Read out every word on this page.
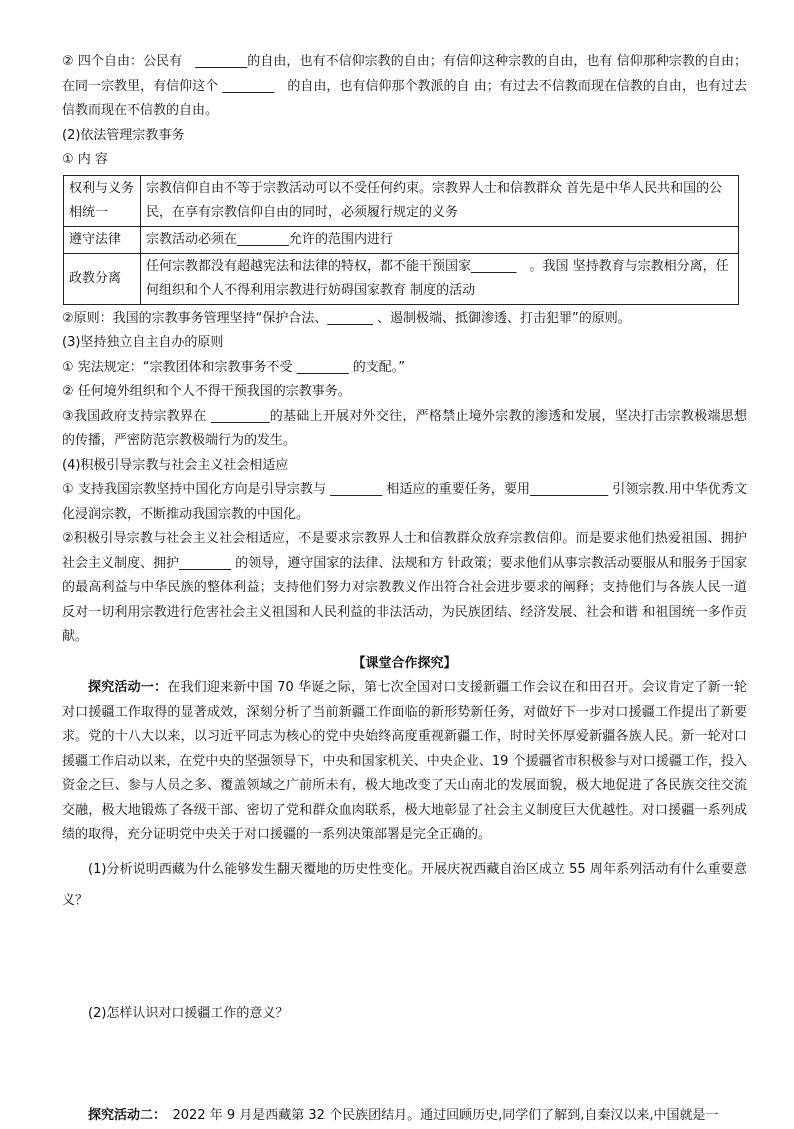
② 四个自由：公民有　________的自由，也有不信仰宗教的自由；有信仰这种宗教的自由，也有 信仰那种宗教的自由；在同一宗教里，有信仰这个 ________　的自由，也有信仰那个教派的自 由；有过去不信教而现在信教的自由，也有过去信教而现在不信教的自由。

(2)依法管理宗教事务

① 内 容

权利与义务相统一	宗教信仰自由不等于宗教活动可以不受任何约束。宗教界人士和信教群众 首先是中华人民共和国的公民，在享有宗教信仰自由的同时，必须履行规定的义务
遵守法律	宗教活动必须在________允许的范围内进行
政教分离	任何宗教都没有超越宪法和法律的特权，都不能干预国家_______　。我国 坚持教育与宗教相分离，任何组织和个人不得利用宗教进行妨碍国家教育 制度的活动

②原则：我国的宗教事务管理坚持“保护合法、_______ 、遏制极端、抵御渗透、打击犯罪”的原则。

(3)坚持独立自主自办的原则

① 宪法规定：“宗教团体和宗教事务不受 ________ 的支配。”

② 任何境外组织和个人不得干预我国的宗教事务。

③我国政府支持宗教界在 _________的基础上开展对外交往，严格禁止境外宗教的渗透和发展，坚决打击宗教极端思想的传播，严密防范宗教极端行为的发生。

(4)积极引导宗教与社会主义社会相适应

① 支持我国宗教坚持中国化方向是引导宗教与 ________ 相适应的重要任务，要用____________ 引领宗教.用中华优秀文化浸润宗教，不断推动我国宗教的中国化。

②积极引导宗教与社会主义社会相适应，不是要求宗教界人士和信教群众放弃宗教信仰。而是要求他们热爱祖国、拥护社会主义制度、拥护________ 的领导，遵守国家的法律、法规和方 针政策；要求他们从事宗教活动要服从和服务于国家的最高利益与中华民族的整体利益；支持他们努力对宗教教义作出符合社会进步要求的阐释；支持他们与各族人民一道反对一切利用宗教进行危害社会主义祖国和人民利益的非法活动，为民族团结、经济发展、社会和谐 和祖国统一多作贡献。

【课堂合作探究】

探究活动一：在我们迎来新中国 70 华诞之际，第七次全国对口支援新疆工作会议在和田召开。会议肯定了新一轮对口援疆工作取得的显著成效，深刻分析了当前新疆工作面临的新形势新任务，对做好下一步对口援疆工作提出了新要求。党的十八大以来，以习近平同志为核心的党中央始终高度重视新疆工作，时时关怀厚爱新疆各族人民。新一轮对口援疆工作启动以来，在党中央的坚强领导下，中央和国家机关、中央企业、19 个援疆省市积极参与对口援疆工作，投入资金之巨、参与人员之多、覆盖领域之广前所未有，极大地改变了天山南北的发展面貌，极大地促进了各民族交往交流交融，极大地锻炼了各级干部、密切了党和群众血肉联系，极大地彰显了社会主义制度巨大优越性。对口援疆一系列成绩的取得，充分证明党中央关于对口援疆的一系列决策部署是完全正确的。

(1)分析说明西藏为什么能够发生翻天覆地的历史性变化。开展庆祝西藏自治区成立 55 周年系列活动有什么重要意义？

(2)怎样认识对口援疆工作的意义？

探究活动二：　2022 年 9 月是西藏第 32 个民族团结月。通过回顾历史,同学们了解到,自秦汉以来,中国就是一
